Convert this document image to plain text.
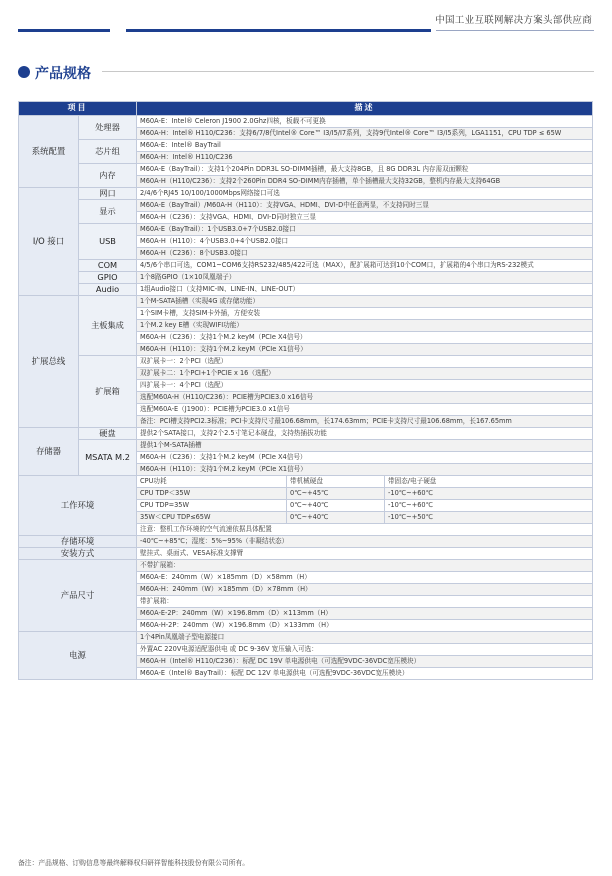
中国工业互联网解决方案头部供应商
产品规格
项目		描述		
系统配置	处理器	M60A-E：Intel® Celeron J1900 2.0Ghz四核，板载不可更换		
		M60A-H：Intel® H110/C236：支持6/7/8代Intel® Core™ I3/I5/I7系列，支持9代Intel® Core™ I3/I5系列，LGA1151，CPU TDP ≤ 65W		
	芯片组	M60A-E：Intel® BayTrail		
		M60A-H：Intel® H110/C236		
	内存	M60A-E（BayTrail）：支持1个204Pin DDR3L SO-DIMM插槽，最大支持8GB，且 8G DDR3L 内存需双面颗粒		
		M60A-H（H110/C236）：支持2个260Pin DDR4 SO-DIMM内存插槽，单个插槽最大支持32GB，整机内存最大支持64GB		
I/O 接口	网口	2/4/6个RJ45 10/100/1000Mbps网络接口可选		
	显示	M60A-E（BayTrail）/M60A-H（H110）：支持VGA、HDMI、DVI-D中任意两显，不支持同时三显		
		M60A-H（C236）：支持VGA、HDMI、DVI-D同时独立三显		
	USB	M60A-E（BayTrail）：1个USB3.0+7个USB2.0接口		
		M60A-H（H110）：4个USB3.0+4个USB2.0接口		
		M60A-H（C236）：8个USB3.0接口		
	COM	4/5/6个串口可选，COM1~COM6支持RS232/485/422可选（MAX），配扩展箱可达到10个COM口，扩展箱的4个串口为RS-232模式		

	GPIO	1个8路GPIO（1×10凤凰端子）		
	Audio	1组Audio接口（支持MIC-IN、LINE-IN、LINE-OUT）		
扩展总线	主板集成	1个M-SATA插槽（实现4G 或存储功能）		
		1个SIM卡槽，支持SIM卡外插，方便安装		
		1个M.2 key E槽（实现WIFI功能）		
		M60A-H（C236）：支持1个M.2 keyM（PCIe X4信号）		
		M60A-H（H110）：支持1个M.2 keyM（PCIe X1信号）		
	扩展箱	双扩展卡一：2个PCI（选配）		
		双扩展卡二：1个PCI+1个PCIE x 16（选配）		
		四扩展卡一：4个PCI（选配）		
		选配M60A-H（H110/C236）：PCIE槽为PCIE3.0 x16信号		
		选配M60A-E（J1900）：PCIE槽为PCIE3.0 x1信号		
		备注：PCI槽支持PCI2.3标准；PCI卡支持尺寸最106.68mm，长174.63mm；PCIE卡支持尺寸最106.68mm，长167.65mm		
存储器	硬盘	提供2个SATA接口，支持2个2.5寸笔记本硬盘，支持热插拔功能		
	MSATA M.2	提供1个M-SATA插槽		
		M60A-H（C236）：支持1个M.2 keyM（PCIe X4信号）		
		M60A-H（H110）：支持1个M.2 keyM（PCIe X1信号）		
工作环境		CPU功耗	带机械硬盘	带固态/电子硬盘
		CPU TDP＜35W	0℃~+45℃	-10℃~+60℃
		CPU TDP=35W	0℃~+40℃	-10℃~+60℃
		35W＜CPU TDP≤65W	0℃~+40℃	-10℃~+50℃
		注意：整机工作环境的空气流速依据具体配置		

存储环境		-40℃~+85℃；湿度：5%~95%（非凝结状态）		
安装方式		壁挂式、桌面式、VESA标准支撑臂		
产品尺寸		不带扩展箱：		
		M60A-E：240mm（W）×185mm（D）×58mm（H）		
		M60A-H：240mm（W）×185mm（D）×78mm（H）		
		带扩展箱：		
		M60A-E-2P：240mm（W）×196.8mm（D）×113mm（H）		
		M60A-H-2P：240mm（W）×196.8mm（D）×133mm（H）		
电源		1个4Pin凤凰端子型电源接口		
		外置AC 220V电源适配器供电 或 DC 9-36V 宽压输入可选：		
		M60A-H（Intel® H110/C236）：标配 DC 19V 单电源供电（可选配9VDC-36VDC宽压模块）		
		M60A-E（Intel® BayTrail）：标配 DC 12V 单电源供电（可选配9VDC-36VDC宽压模块）		
备注：产品规格、订购信息等最终解释权归研祥智能科技股份有限公司所有。
